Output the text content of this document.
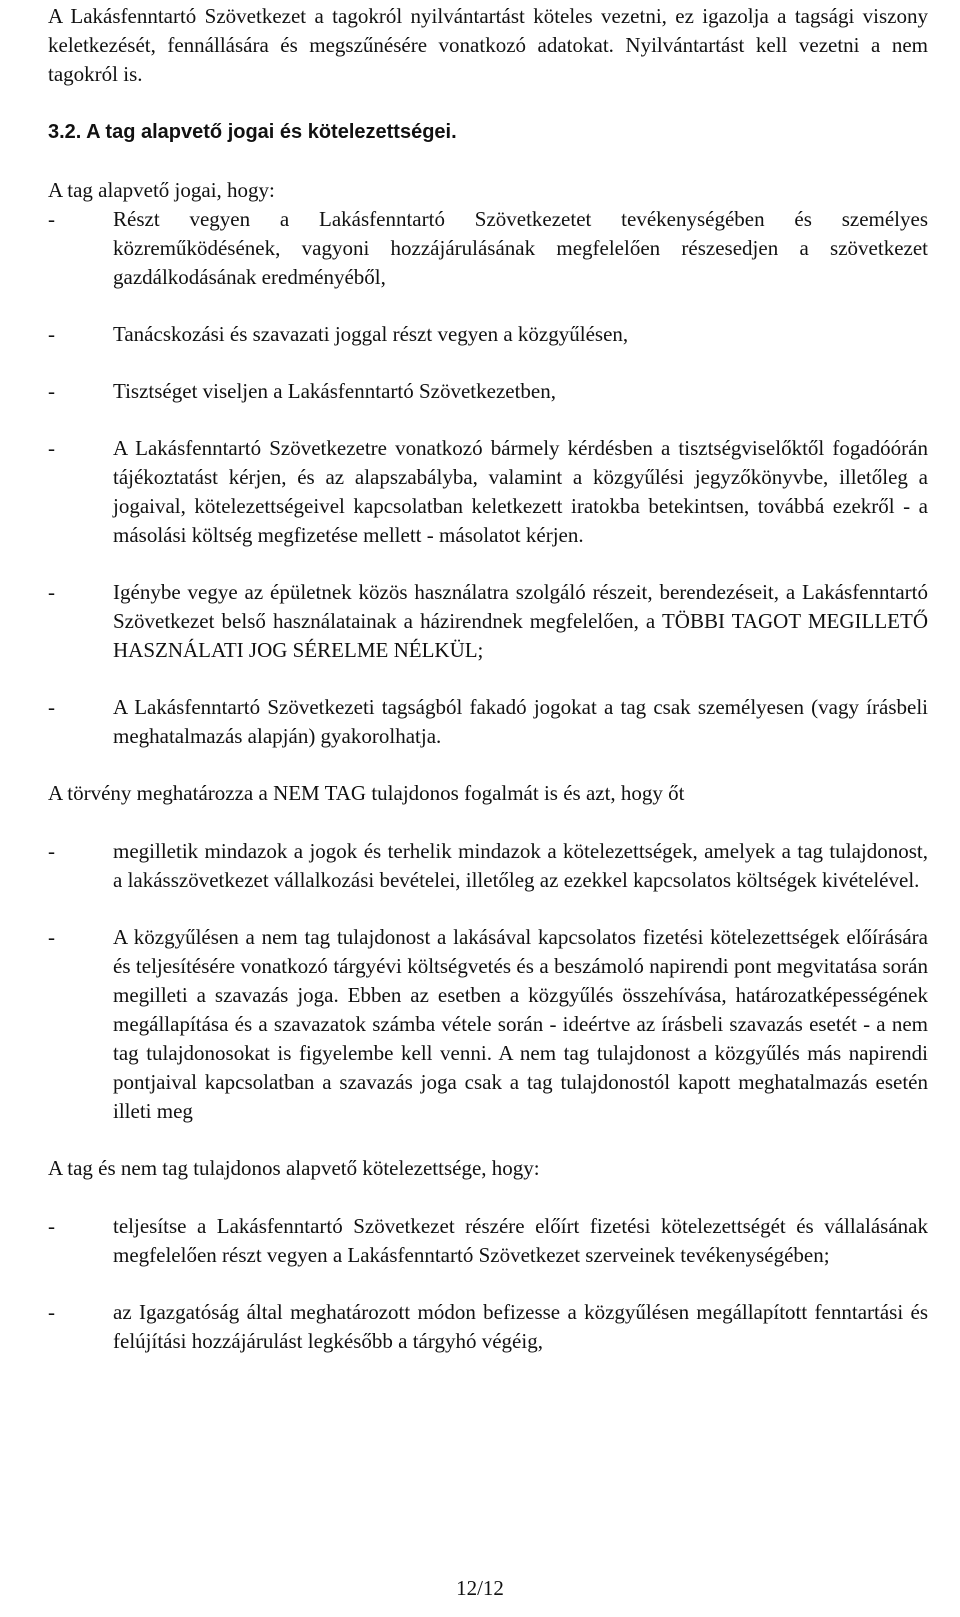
A Lakásfenntartó Szövetkezet a tagokról nyilvántartást köteles vezetni, ez igazolja a tagsági viszony keletkezését, fennállására és megszűnésére vonatkozó adatokat. Nyilvántartást kell vezetni a nem tagokról is.

3.2. A tag alapvető jogai és kötelezettségei.

A tag alapvető jogai, hogy:

-	Részt vegyen a Lakásfenntartó Szövetkezetet tevékenységében és személyes közreműködésének, vagyoni hozzájárulásának megfelelően részesedjen a szövetkezet gazdálkodásának eredményéből,
-	Tanácskozási és szavazati joggal részt vegyen a közgyűlésen,
-	Tisztséget viseljen a Lakásfenntartó Szövetkezetben,
-	A Lakásfenntartó Szövetkezetre vonatkozó bármely kérdésben a tisztségviselőktől fogadóórán tájékoztatást kérjen, és az alapszabályba, valamint a közgyűlési jegyzőkönyvbe, illetőleg a jogaival, kötelezettségeivel kapcsolatban keletkezett iratokba betekintsen, továbbá ezekről - a másolási költség megfizetése mellett - másolatot kérjen.
-	Igénybe vegye az épületnek közös használatra szolgáló részeit, berendezéseit, a Lakásfenntartó Szövetkezet belső használatainak a házirendnek megfelelően, a TÖBBI TAGOT MEGILLETŐ HASZNÁLATI JOG SÉRELME NÉLKÜL;
-	A Lakásfenntartó Szövetkezeti tagságból fakadó jogokat a tag csak személyesen (vagy írásbeli meghatalmazás alapján) gyakorolhatja.

A törvény meghatározza a NEM TAG tulajdonos fogalmát is és azt, hogy őt

-	megilletik mindazok a jogok és terhelik mindazok a kötelezettségek, amelyek a tag tulajdonost, a lakásszövetkezet vállalkozási bevételei, illetőleg az ezekkel kapcsolatos költségek kivételével.
-	A közgyűlésen a nem tag tulajdonost a lakásával kapcsolatos fizetési kötelezettségek előírására és teljesítésére vonatkozó tárgyévi költségvetés és a beszámoló napirendi pont megvitatása során megilleti a szavazás joga. Ebben az esetben a közgyűlés összehívása, határozatképességének megállapítása és a szavazatok számba vétele során - ideértve az írásbeli szavazás esetét - a nem tag tulajdonosokat is figyelembe kell venni. A nem tag tulajdonost a közgyűlés más napirendi pontjaival kapcsolatban a szavazás joga csak a tag tulajdonostól kapott meghatalmazás esetén illeti meg

A tag és nem tag tulajdonos alapvető kötelezettsége, hogy:

-	teljesítse a Lakásfenntartó Szövetkezet részére előírt fizetési kötelezettségét és vállalásának megfelelően részt vegyen a Lakásfenntartó Szövetkezet szerveinek tevékenységében;
-	az Igazgatóság által meghatározott módon befizesse a közgyűlésen megállapított fenntartási és felújítási hozzájárulást legkésőbb a tárgyhó végéig,
12/12
